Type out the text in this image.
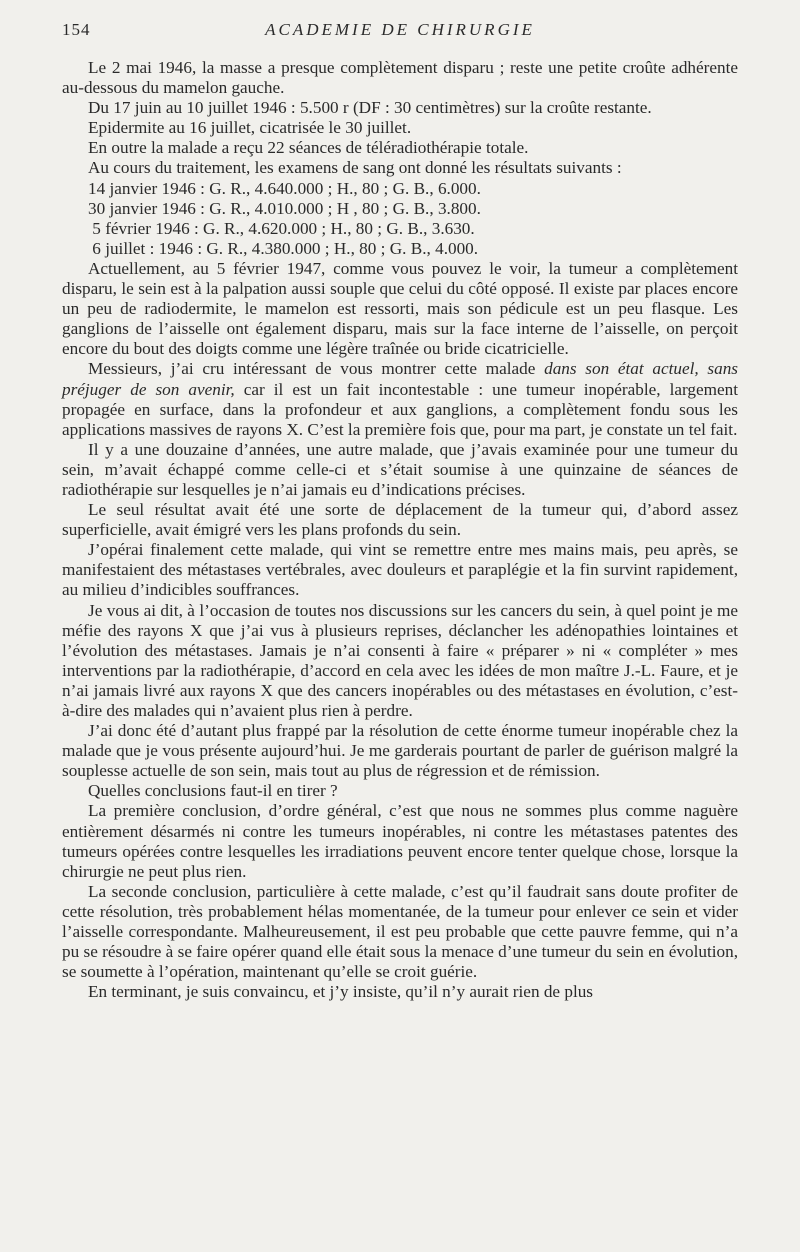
154	ACADEMIE DE CHIRURGIE

Le 2 mai 1946, la masse a presque complètement disparu ; reste une petite croûte adhérente au-dessous du mamelon gauche.

Du 17 juin au 10 juillet 1946 : 5.500 r (DF : 30 centimètres) sur la croûte restante.

Epidermite au 16 juillet, cicatrisée le 30 juillet.

En outre la malade a reçu 22 séances de téléradiothérapie totale.

Au cours du traitement, les examens de sang ont donné les résultats suivants :

14 janvier 1946 : G. R., 4.640.000 ; H., 80 ; G. B., 6.000.
30 janvier 1946 : G. R., 4.010.000 ; H , 80 ; G. B., 3.800.
5 février 1946 : G. R., 4.620.000 ; H., 80 ; G. B., 3.630.
6 juillet : 1946 : G. R., 4.380.000 ; H., 80 ; G. B., 4.000.

Actuellement, au 5 février 1947, comme vous pouvez le voir, la tumeur a complètement disparu, le sein est à la palpation aussi souple que celui du côté opposé. Il existe par places encore un peu de radiodermite, le mamelon est ressorti, mais son pédicule est un peu flasque. Les ganglions de l’aisselle ont également disparu, mais sur la face interne de l’aisselle, on perçoit encore du bout des doigts comme une légère traînée ou bride cicatricielle.

Messieurs, j’ai cru intéressant de vous montrer cette malade dans son état actuel, sans préjuger de son avenir, car il est un fait incontestable : une tumeur inopérable, largement propagée en surface, dans la profondeur et aux ganglions, a complètement fondu sous les applications massives de rayons X. C’est la première fois que, pour ma part, je constate un tel fait.

Il y a une douzaine d’années, une autre malade, que j’avais examinée pour une tumeur du sein, m’avait échappé comme celle-ci et s’était soumise à une quinzaine de séances de radiothérapie sur lesquelles je n’ai jamais eu d’indications précises.

Le seul résultat avait été une sorte de déplacement de la tumeur qui, d’abord assez superficielle, avait émigré vers les plans profonds du sein.

J’opérai finalement cette malade, qui vint se remettre entre mes mains mais, peu après, se manifestaient des métastases vertébrales, avec douleurs et paraplégie et la fin survint rapidement, au milieu d’indicibles souffrances.

Je vous ai dit, à l’occasion de toutes nos discussions sur les cancers du sein, à quel point je me méfie des rayons X que j’ai vus à plusieurs reprises, déclancher les adénopathies lointaines et l’évolution des métastases. Jamais je n’ai consenti à faire « préparer » ni « compléter » mes interventions par la radiothérapie, d’accord en cela avec les idées de mon maître J.-L. Faure, et je n’ai jamais livré aux rayons X que des cancers inopérables ou des métastases en évolution, c’est-à-dire des malades qui n’avaient plus rien à perdre.

J’ai donc été d’autant plus frappé par la résolution de cette énorme tumeur inopérable chez la malade que je vous présente aujourd’hui. Je me garderais pourtant de parler de guérison malgré la souplesse actuelle de son sein, mais tout au plus de régression et de rémission.

Quelles conclusions faut-il en tirer ?

La première conclusion, d’ordre général, c’est que nous ne sommes plus comme naguère entièrement désarmés ni contre les tumeurs inopérables, ni contre les métastases patentes des tumeurs opérées contre lesquelles les irradiations peuvent encore tenter quelque chose, lorsque la chirurgie ne peut plus rien.

La seconde conclusion, particulière à cette malade, c’est qu’il faudrait sans doute profiter de cette résolution, très probablement hélas momentanée, de la tumeur pour enlever ce sein et vider l’aisselle correspondante. Malheureusement, il est peu probable que cette pauvre femme, qui n’a pu se résoudre à se faire opérer quand elle était sous la menace d’une tumeur du sein en évolution, se soumette à l’opération, maintenant qu’elle se croit guérie.

En terminant, je suis convaincu, et j’y insiste, qu’il n’y aurait rien de plus
